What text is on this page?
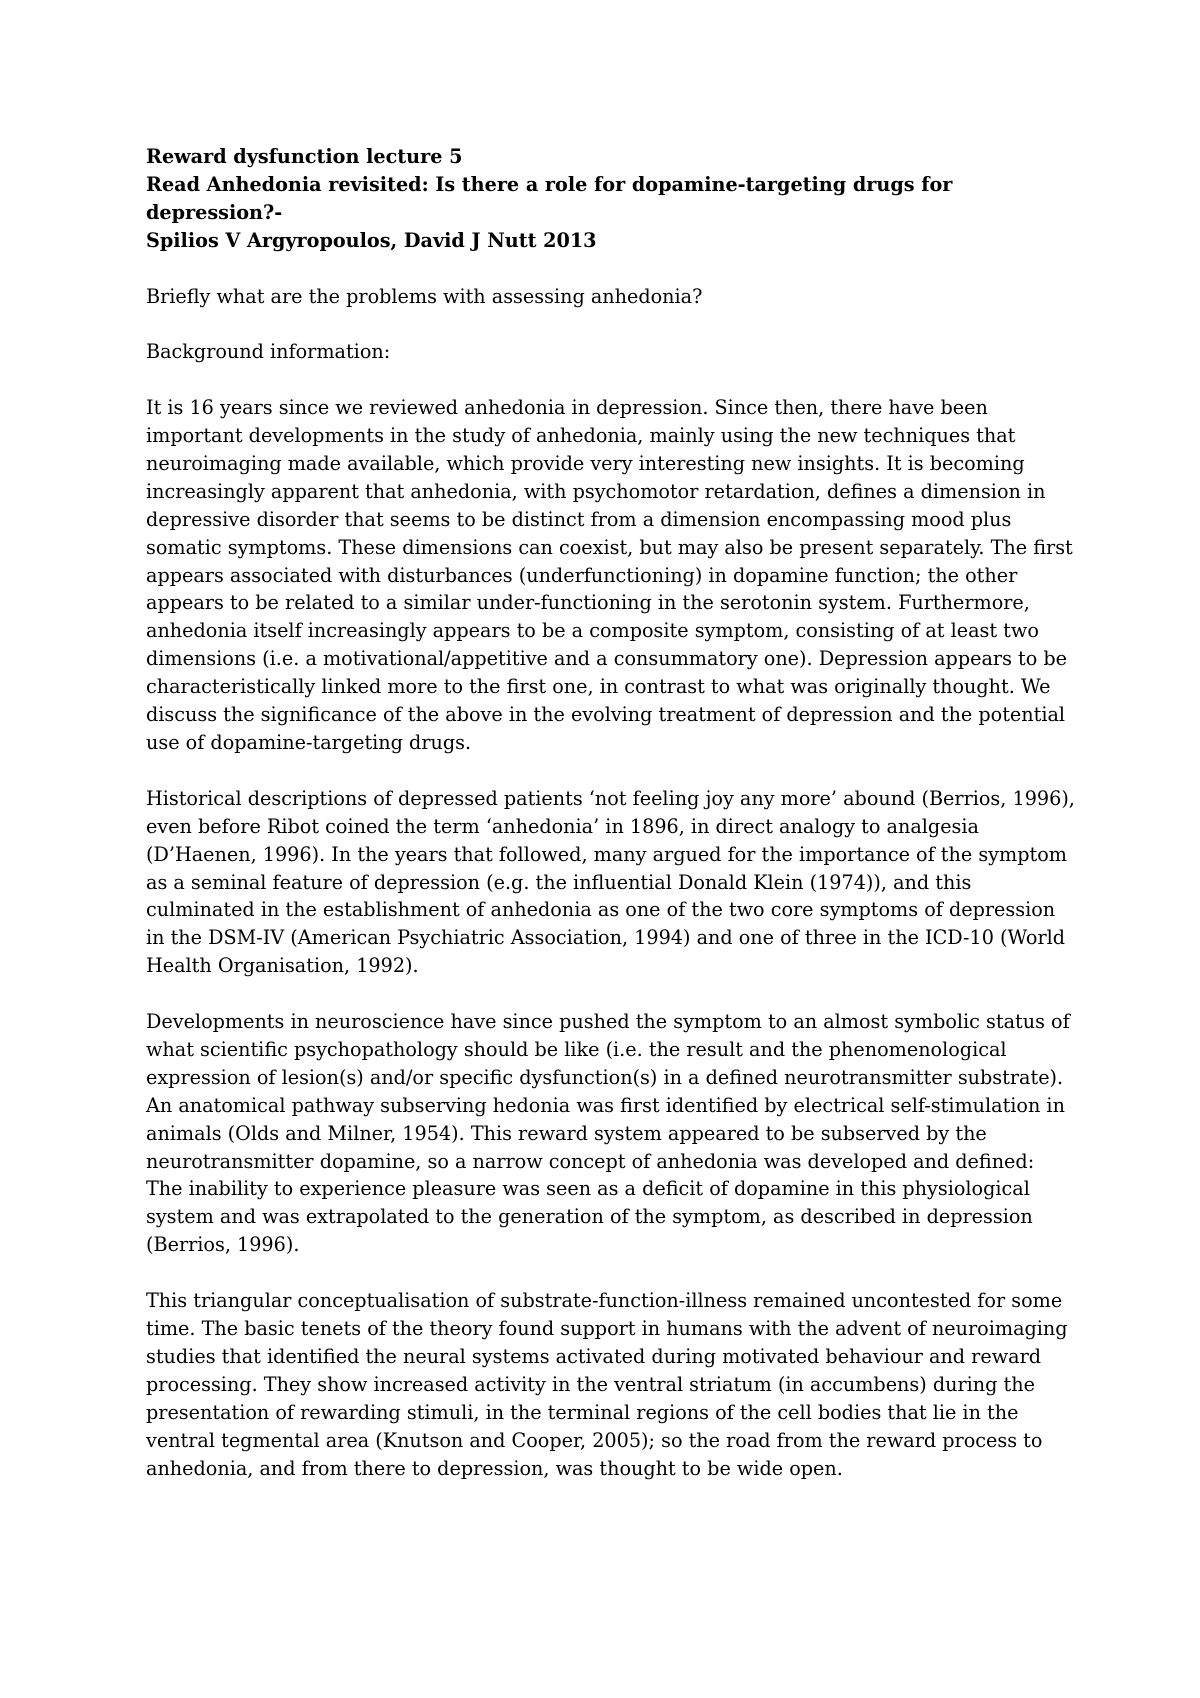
Reward dysfunction lecture 5
Read Anhedonia revisited: Is there a role for dopamine-targeting drugs for depression?-
Spilios V Argyropoulos, David J Nutt 2013

Briefly what are the problems with assessing anhedonia?

Background information:

It is 16 years since we reviewed anhedonia in depression. Since then, there have been important developments in the study of anhedonia, mainly using the new techniques that neuroimaging made available, which provide very interesting new insights. It is becoming increasingly apparent that anhedonia, with psychomotor retardation, defines a dimension in depressive disorder that seems to be distinct from a dimension encompassing mood plus somatic symptoms. These dimensions can coexist, but may also be present separately. The first appears associated with disturbances (underfunctioning) in dopamine function; the other appears to be related to a similar under-functioning in the serotonin system. Furthermore, anhedonia itself increasingly appears to be a composite symptom, consisting of at least two dimensions (i.e. a motivational/appetitive and a consummatory one). Depression appears to be characteristically linked more to the first one, in contrast to what was originally thought. We discuss the significance of the above in the evolving treatment of depression and the potential use of dopamine-targeting drugs.

Historical descriptions of depressed patients ‘not feeling joy any more’ abound (Berrios, 1996), even before Ribot coined the term ‘anhedonia’ in 1896, in direct analogy to analgesia (D’Haenen, 1996). In the years that followed, many argued for the importance of the symptom as a seminal feature of depression (e.g. the influential Donald Klein (1974)), and this culminated in the establishment of anhedonia as one of the two core symptoms of depression in the DSM-IV (American Psychiatric Association, 1994) and one of three in the ICD-10 (World Health Organisation, 1992).

Developments in neuroscience have since pushed the symptom to an almost symbolic status of what scientific psychopathology should be like (i.e. the result and the phenomenological expression of lesion(s) and/or specific dysfunction(s) in a defined neurotransmitter substrate). An anatomical pathway subserving hedonia was first identified by electrical self-stimulation in animals (Olds and Milner, 1954). This reward system appeared to be subserved by the neurotransmitter dopamine, so a narrow concept of anhedonia was developed and defined: The inability to experience pleasure was seen as a deficit of dopamine in this physiological system and was extrapolated to the generation of the symptom, as described in depression (Berrios, 1996).

This triangular conceptualisation of substrate-function-illness remained uncontested for some time. The basic tenets of the theory found support in humans with the advent of neuroimaging studies that identified the neural systems activated during motivated behaviour and reward processing. They show increased activity in the ventral striatum (in accumbens) during the presentation of rewarding stimuli, in the terminal regions of the cell bodies that lie in the ventral tegmental area (Knutson and Cooper, 2005); so the road from the reward process to anhedonia, and from there to depression, was thought to be wide open.
